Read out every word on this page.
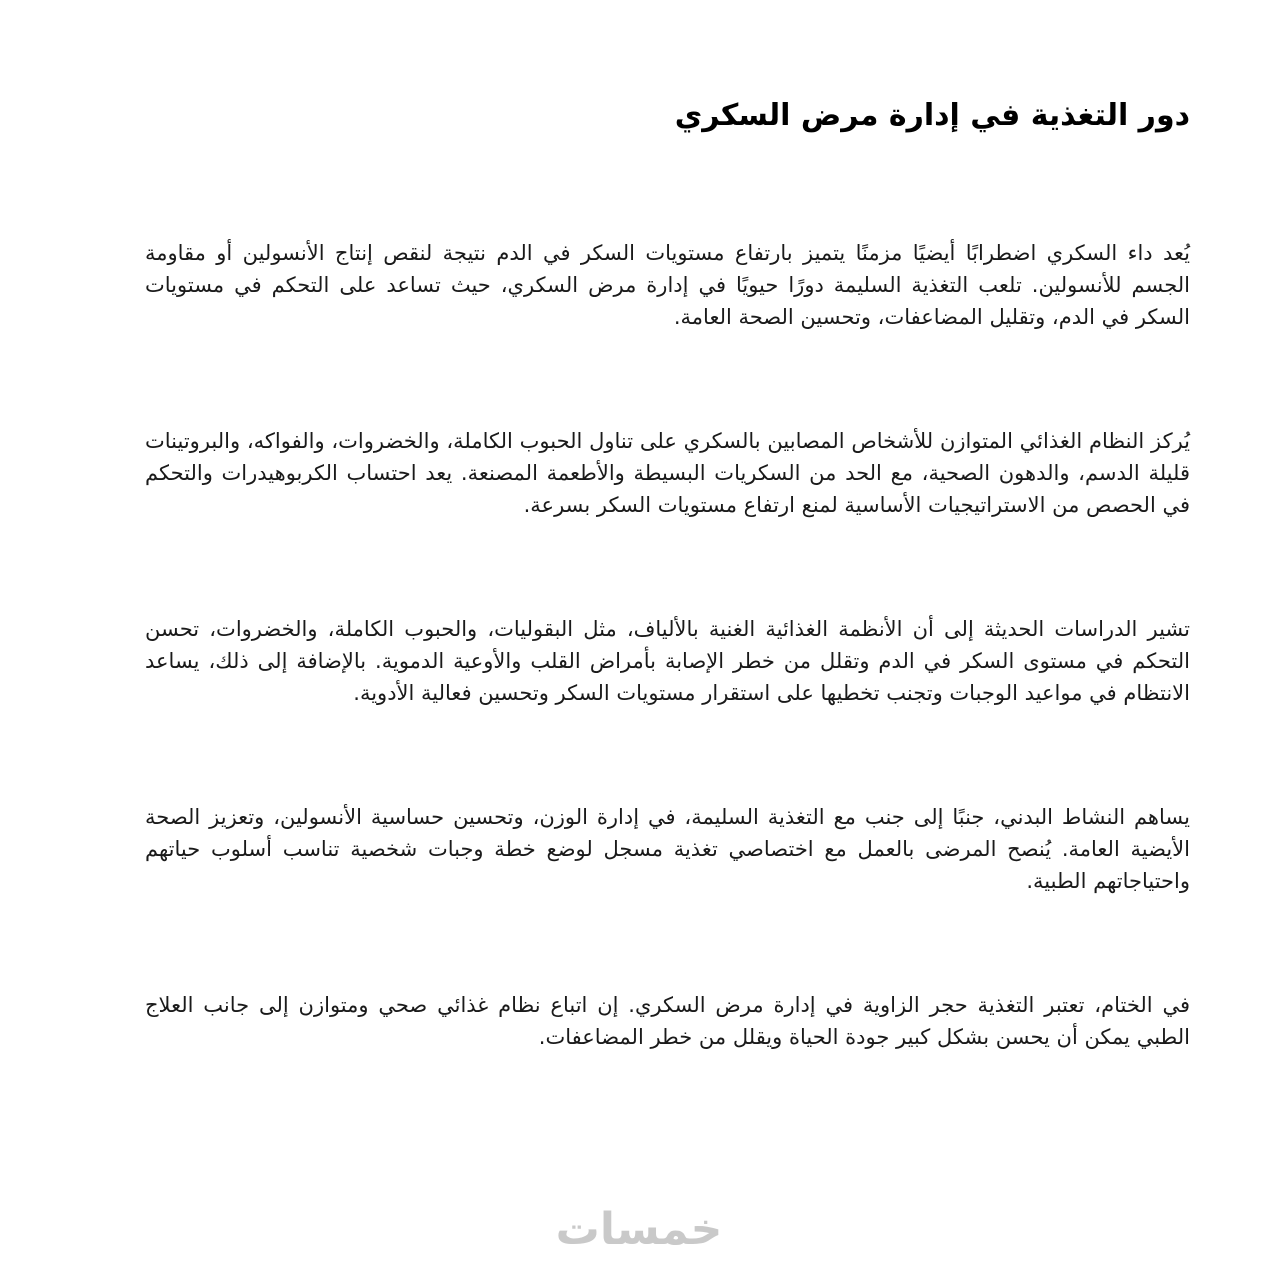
دور التغذية في إدارة مرض السكري

يُعد داء السكري اضطرابًا أيضيًا مزمنًا يتميز بارتفاع مستويات السكر في الدم نتيجة لنقص إنتاج الأنسولين أو مقاومة الجسم للأنسولين. تلعب التغذية السليمة دورًا حيويًا في إدارة مرض السكري، حيث تساعد على التحكم في مستويات السكر في الدم، وتقليل المضاعفات، وتحسين الصحة العامة.

يُركز النظام الغذائي المتوازن للأشخاص المصابين بالسكري على تناول الحبوب الكاملة، والخضروات، والفواكه، والبروتينات قليلة الدسم، والدهون الصحية، مع الحد من السكريات البسيطة والأطعمة المصنعة. يعد احتساب الكربوهيدرات والتحكم في الحصص من الاستراتيجيات الأساسية لمنع ارتفاع مستويات السكر بسرعة.

تشير الدراسات الحديثة إلى أن الأنظمة الغذائية الغنية بالألياف، مثل البقوليات، والحبوب الكاملة، والخضروات، تحسن التحكم في مستوى السكر في الدم وتقلل من خطر الإصابة بأمراض القلب والأوعية الدموية. بالإضافة إلى ذلك، يساعد الانتظام في مواعيد الوجبات وتجنب تخطيها على استقرار مستويات السكر وتحسين فعالية الأدوية.

يساهم النشاط البدني، جنبًا إلى جنب مع التغذية السليمة، في إدارة الوزن، وتحسين حساسية الأنسولين، وتعزيز الصحة الأيضية العامة. يُنصح المرضى بالعمل مع اختصاصي تغذية مسجل لوضع خطة وجبات شخصية تناسب أسلوب حياتهم واحتياجاتهم الطبية.

في الختام، تعتبر التغذية حجر الزاوية في إدارة مرض السكري. إن اتباع نظام غذائي صحي ومتوازن إلى جانب العلاج الطبي يمكن أن يحسن بشكل كبير جودة الحياة ويقلل من خطر المضاعفات.

خمسات
